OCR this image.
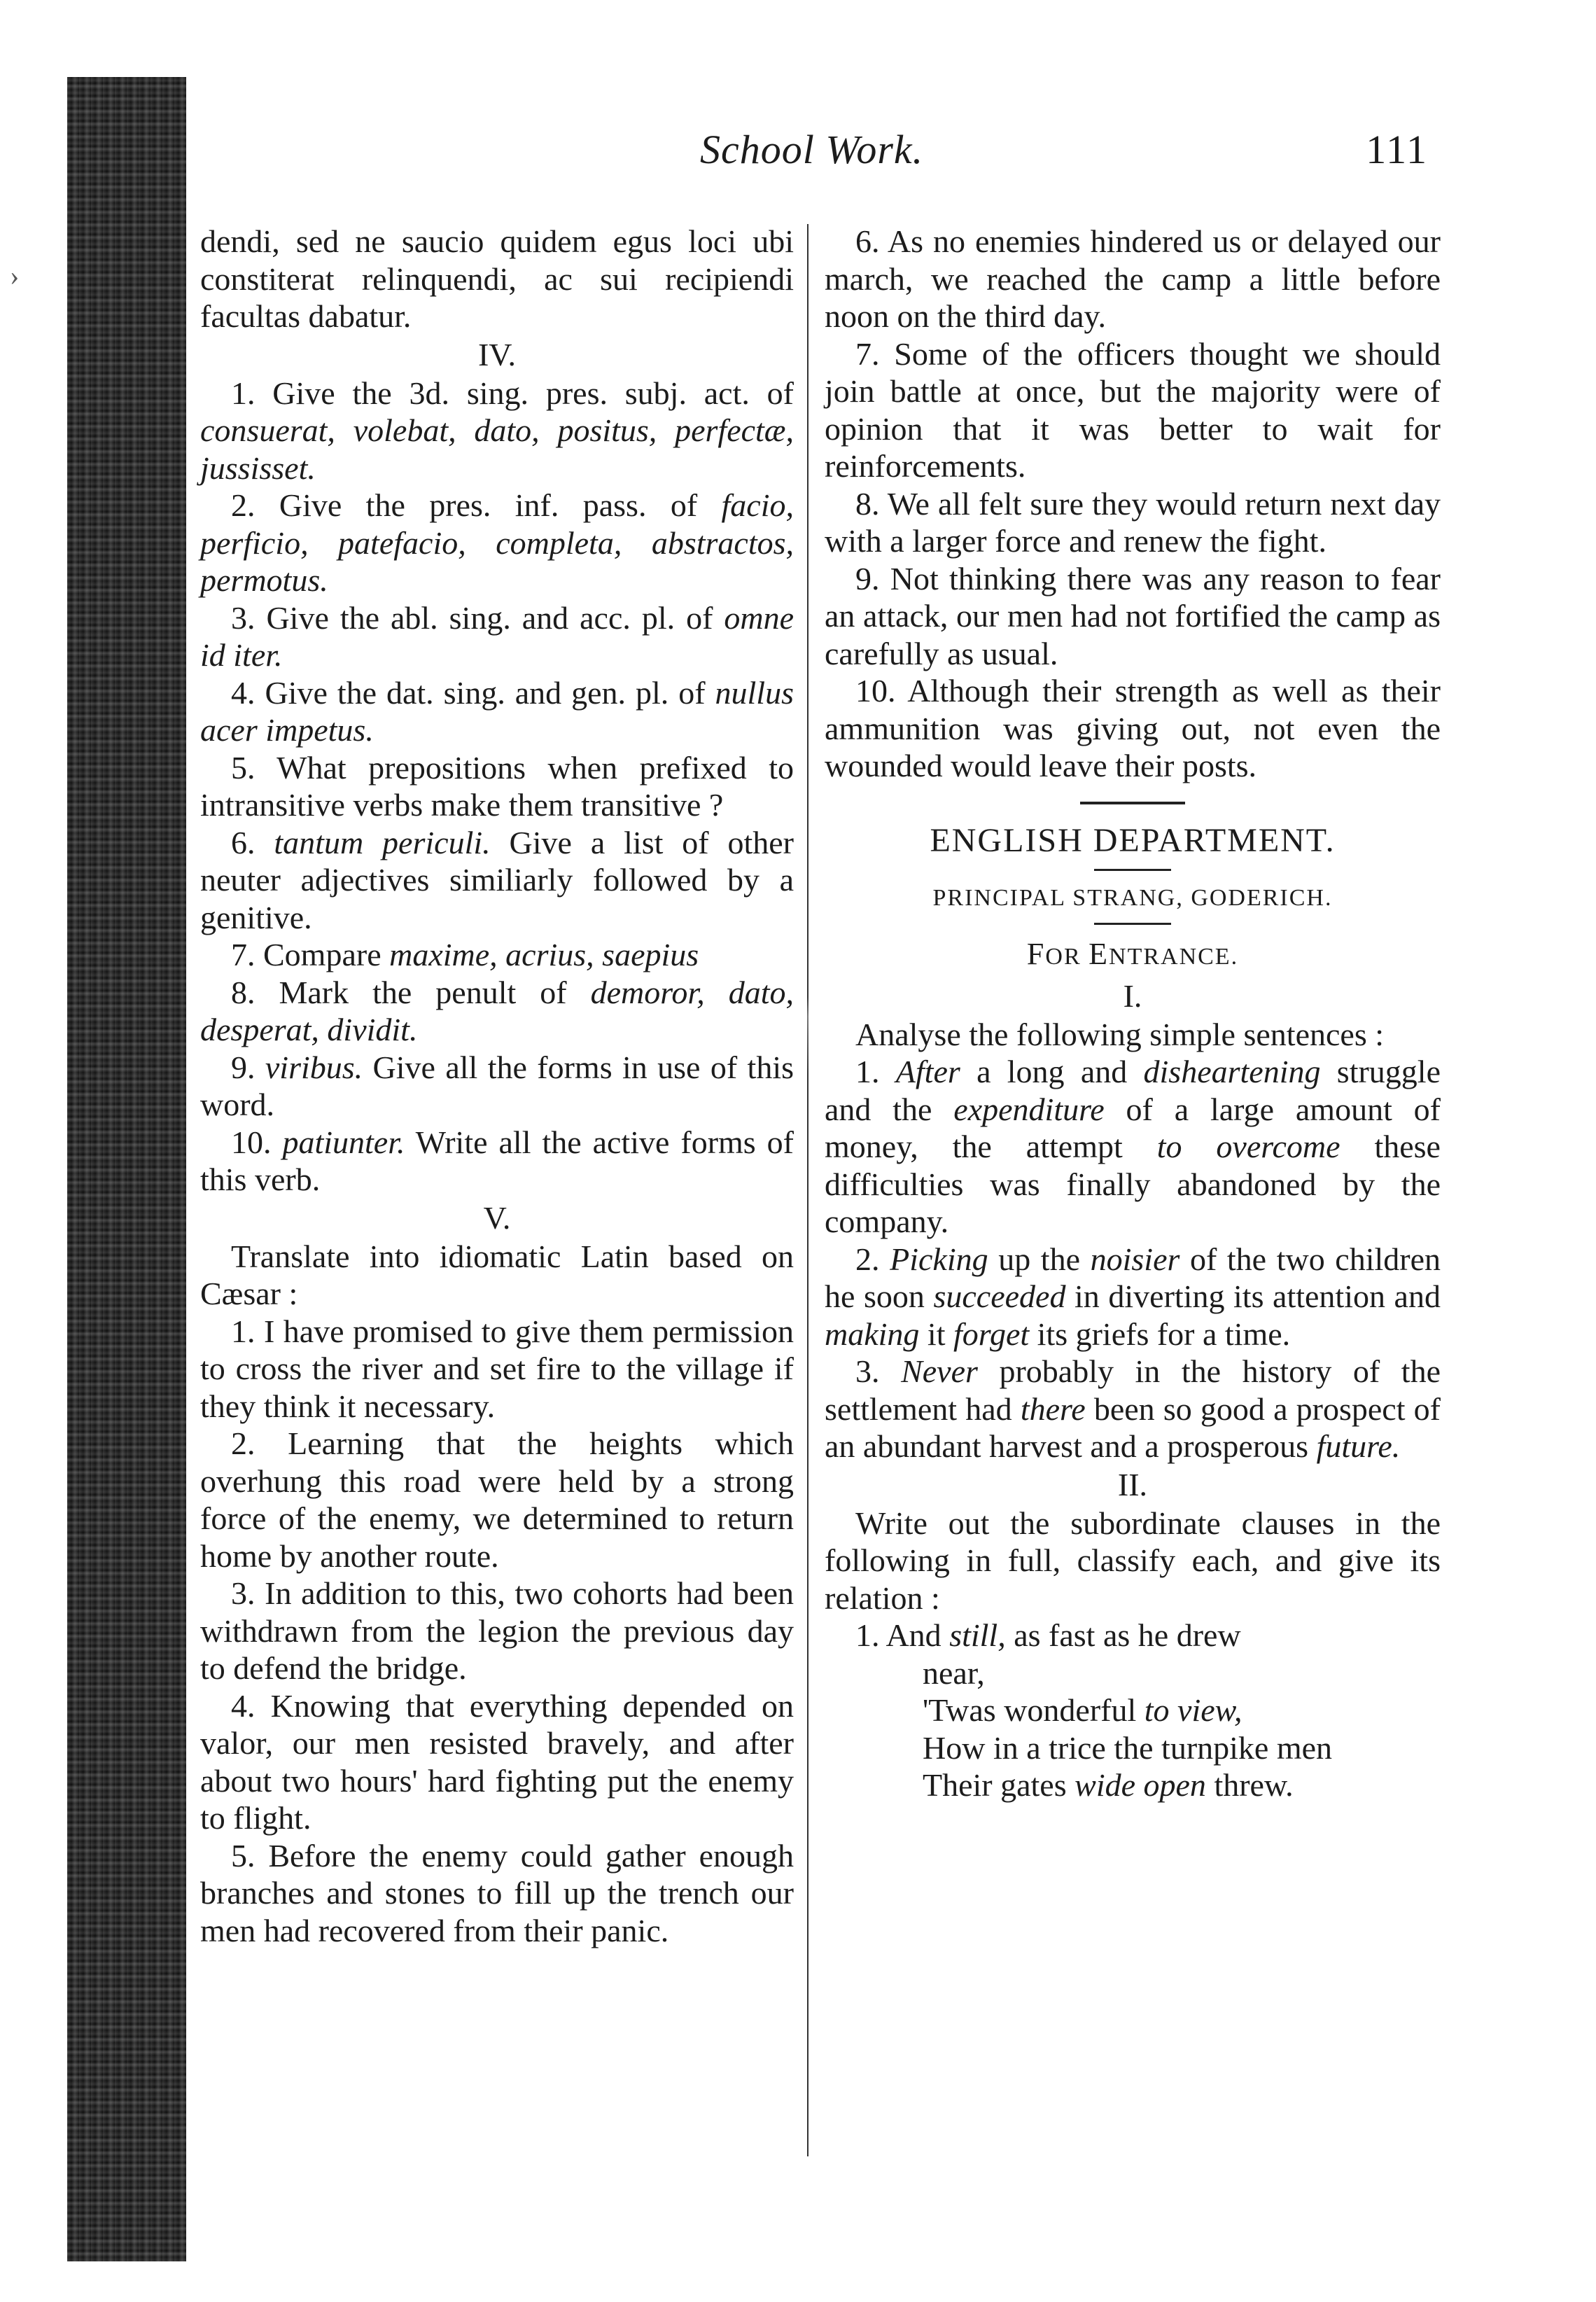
›
School Work.	111

dendi, sed ne saucio quidem egus loci ubi constiterat relinquendi, ac sui recipiendi facultas dabatur.

IV.

1. Give the 3d. sing. pres. subj. act. of consuerat, volebat, dato, positus, perfectæ, jussisset.

2. Give the pres. inf. pass. of facio, perficio, patefacio, completa, abstractos, permotus.

3. Give the abl. sing. and acc. pl. of omne id iter.

4. Give the dat. sing. and gen. pl. of nullus acer impetus.

5. What prepositions when prefixed to intransitive verbs make them transitive ?

6. tantum periculi. Give a list of other neuter adjectives similiarly followed by a genitive.

7. Compare maxime, acrius, saepius

8. Mark the penult of demoror, dato, desperat, dividit.

9. viribus. Give all the forms in use of this word.

10. patiunter. Write all the active forms of this verb.

V.

Translate into idiomatic Latin based on Cæsar :

1. I have promised to give them permission to cross the river and set fire to the village if they think it necessary.

2. Learning that the heights which overhung this road were held by a strong force of the enemy, we determined to return home by another route.

3. In addition to this, two cohorts had been withdrawn from the legion the previous day to defend the bridge.

4. Knowing that everything depended on valor, our men resisted bravely, and after about two hours' hard fighting put the enemy to flight.

5. Before the enemy could gather enough branches and stones to fill up the trench our men had recovered from their panic.

6. As no enemies hindered us or delayed our march, we reached the camp a little before noon on the third day.

7. Some of the officers thought we should join battle at once, but the majority were of opinion that it was better to wait for reinforcements.

8. We all felt sure they would return next day with a larger force and renew the fight.

9. Not thinking there was any reason to fear an attack, our men had not fortified the camp as carefully as usual.

10. Although their strength as well as their ammunition was giving out, not even the wounded would leave their posts.

ENGLISH DEPARTMENT.

PRINCIPAL STRANG, GODERICH.

FOR ENTRANCE.

I.

Analyse the following simple sentences :

1. After a long and disheartening struggle and the expenditure of a large amount of money, the attempt to overcome these difficulties was finally abandoned by the company.

2. Picking up the noisier of the two children he soon succeeded in diverting its attention and making it forget its griefs for a time.

3. Never probably in the history of the settlement had there been so good a prospect of an abundant harvest and a prosperous future.

II.

Write out the subordinate clauses in the following in full, classify each, and give its relation :

1. And still, as fast as he drew
near,
'Twas wonderful to view,
How in a trice the turnpike men
Their gates wide open threw.
